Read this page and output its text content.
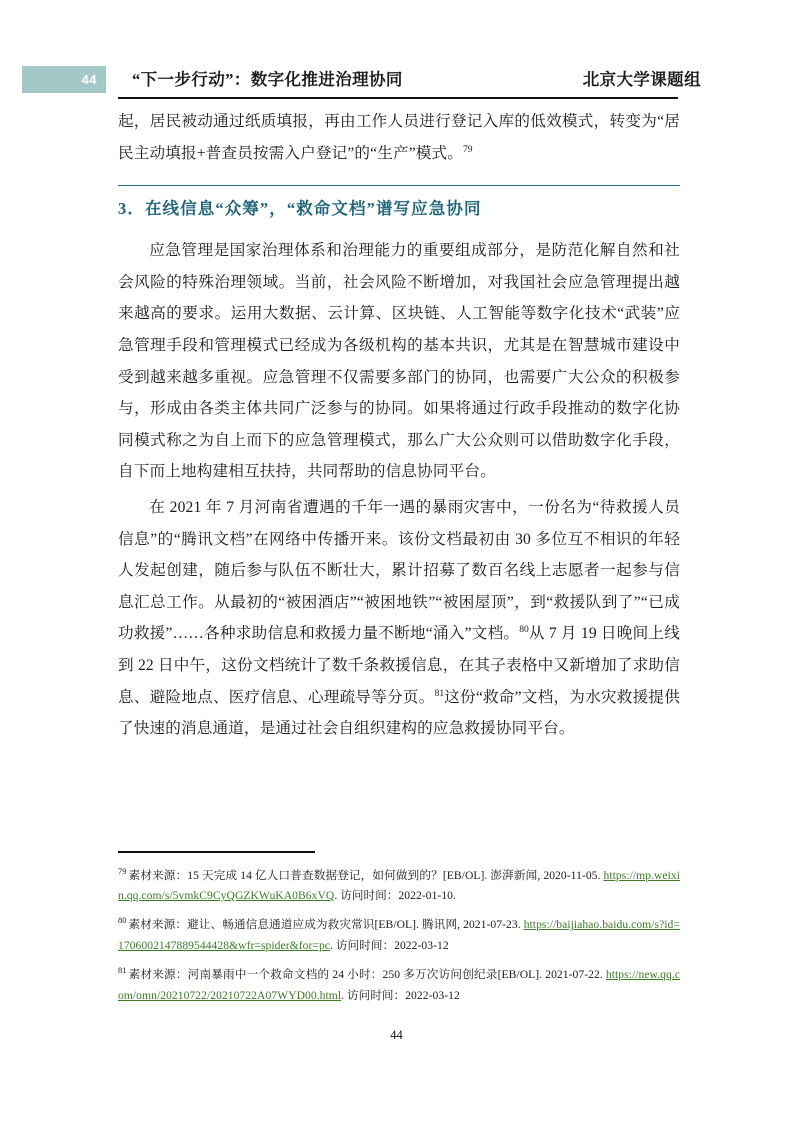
44	“下一步行动”：数字化推进治理协同	北京大学课题组

起，居民被动通过纸质填报，再由工作人员进行登记入库的低效模式，转变为“居民主动填报+普查员按需入户登记”的“生产”模式。$^{79}$

3．在线信息“众筹”，“救命文档”谱写应急协同

应急管理是国家治理体系和治理能力的重要组成部分，是防范化解自然和社会风险的特殊治理领域。当前，社会风险不断增加，对我国社会应急管理提出越来越高的要求。运用大数据、云计算、区块链、人工智能等数字化技术“武装”应急管理手段和管理模式已经成为各级机构的基本共识，尤其是在智慧城市建设中受到越来越多重视。应急管理不仅需要多部门的协同，也需要广大公众的积极参与，形成由各类主体共同广泛参与的协同。如果将通过行政手段推动的数字化协同模式称之为自上而下的应急管理模式，那么广大公众则可以借助数字化手段，自下而上地构建相互扶持，共同帮助的信息协同平台。

在 2021 年 7 月河南省遭遇的千年一遇的暴雨灾害中，一份名为“待救援人员信息”的“腾讯文档”在网络中传播开来。该份文档最初由 30 多位互不相识的年轻人发起创建，随后参与队伍不断壮大，累计招募了数百名线上志愿者一起参与信息汇总工作。从最初的“被困酒店”“被困地铁”“被困屋顶”，到“救援队到了”“已成功救援”……各种求助信息和救援力量不断地“涌入”文档。$^{80}$从 7 月 19 日晚间上线到 22 日中午，这份文档统计了数千条救援信息，在其子表格中又新增加了求助信息、避险地点、医疗信息、心理疏导等分页。$^{81}$这份“救命”文档，为水灾救援提供了快速的消息通道，是通过社会自组织建构的应急救援协同平台。

$^{79}$ 素材来源：15 天完成 14 亿人口普查数据登记，如何做到的？[EB/OL]. 澎湃新闻, 2020-11-05. https://mp.weixin.qq.com/s/5vmkC9CyQGZKWuKA0B6xVQ. 访问时间：2022-01-10.

$^{80}$ 素材来源：避让、畅通信息通道应成为救灾常识[EB/OL]. 腾讯网, 2021-07-23. https://baijiahao.baidu.com/s?id=1706002147889544428&wfr=spider&for=pc. 访问时间：2022-03-12

$^{81}$ 素材来源：河南暴雨中一个救命文档的 24 小时：250 多万次访问创纪录[EB/OL]. 2021-07-22. https://new.qq.com/omn/20210722/20210722A07WYD00.html. 访问时间：2022-03-12

44
